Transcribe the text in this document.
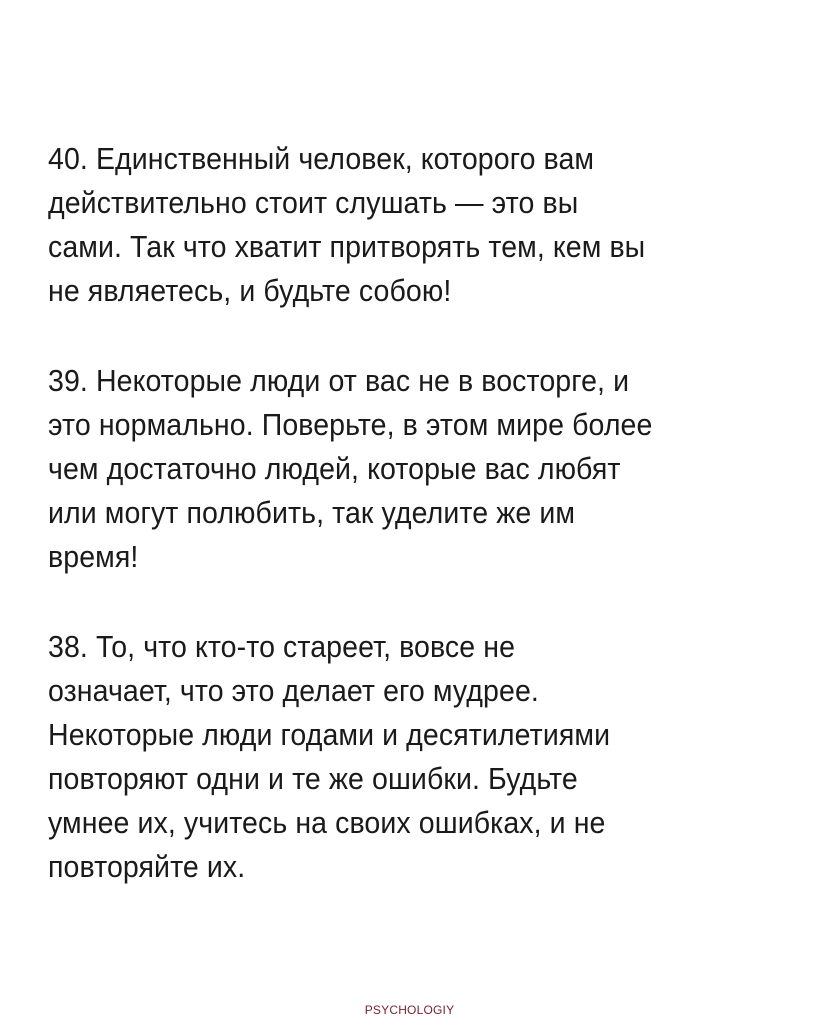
40. Единственный человек, которого вам
действительно стоит слушать — это вы
сами. Так что хватит притворять тем, кем вы
не являетесь, и будьте собою!
39. Некоторые люди от вас не в восторге, и
это нормально. Поверьте, в этом мире более
чем достаточно людей, которые вас любят
или могут полюбить, так уделите же им
время!
38. То, что кто-то стареет, вовсе не
означает, что это делает его мудрее.
Некоторые люди годами и десятилетиями
повторяют одни и те же ошибки. Будьте
умнее их, учитесь на своих ошибках, и не
повторяйте их.
PSYCHOLOGIY
